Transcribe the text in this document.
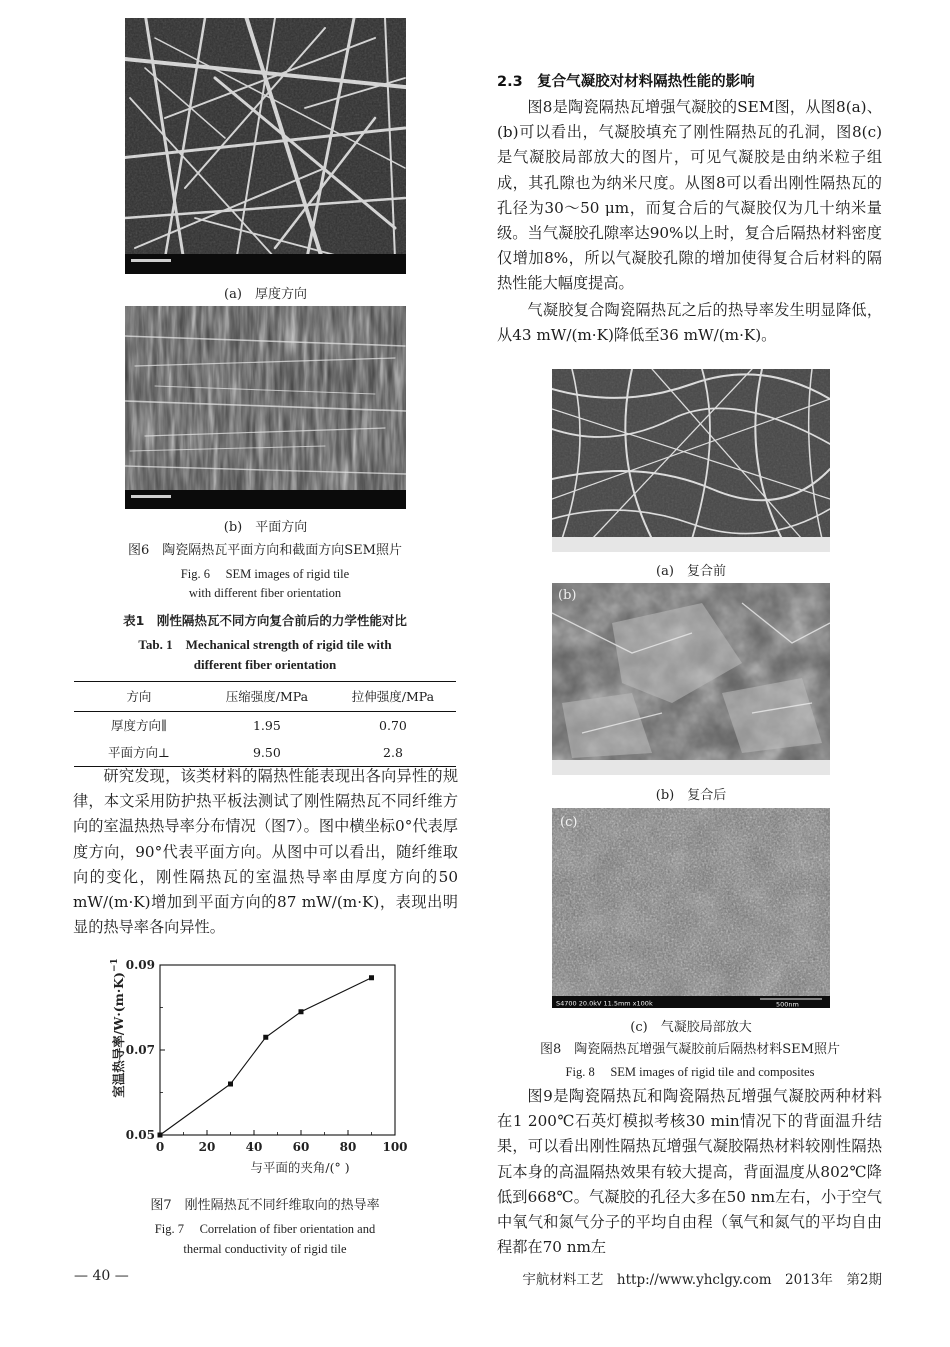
(a)　厚度方向
(b)　平面方向
图6　陶瓷隔热瓦平面方向和截面方向SEM照片
Fig. 6　 SEM images of rigid tile
with different fiber orientation
表1　刚性隔热瓦不同方向复合前后的力学性能对比
Tab. 1　Mechanical strength of rigid tile with
different fiber orientation
方向	压缩强度/MPa	拉伸强度/MPa
厚度方向∥	1.95	0.70
平面方向⊥	9.50	2.8

研究发现，该类材料的隔热性能表现出各向异性的规律，本文采用防护热平板法测试了刚性隔热瓦不同纤维方向的室温热热导率分布情况（图7）。图中横坐标0°代表厚度方向，90°代表平面方向。从图中可以看出，随纤维取向的变化，刚性隔热瓦的室温热导率由厚度方向的50 mW/(m·K)增加到平面方向的87 mW/(m·K)，表现出明显的热导率各向异性。

室温热导率$/W\cdot(m\cdot K)^{-1}$
与平面的夹角/(° )
0	20	40	60	80 100
0.05
0.07
0.09
图7　刚性隔热瓦不同纤维取向的热导率
Fig. 7　 Correlation of fiber orientation and
thermal conductivity of rigid tile
2.3　复合气凝胶对材料隔热性能的影响

图8是陶瓷隔热瓦增强气凝胶的SEM图，从图8(a)、(b)可以看出，气凝胶填充了刚性隔热瓦的孔洞，图8(c)是气凝胶局部放大的图片，可见气凝胶是由纳米粒子组成，其孔隙也为纳米尺度。从图8可以看出刚性隔热瓦的孔径为30～50 μm，而复合后的气凝胶仅为几十纳米量级。当气凝胶孔隙率达90%以上时，复合后隔热材料密度仅增加8%，所以气凝胶孔隙的增加使得复合后材料的隔热性能大幅度提高。

气凝胶复合陶瓷隔热瓦之后的热导率发生明显降低，从43 mW/(m·K)降低至36 mW/(m·K)。

(a)　复合前
(b)
(b)　复合后
(c)
S4700 20.0kV 11.5mm x100k	500nm
(c)　气凝胶局部放大
图8　陶瓷隔热瓦增强气凝胶前后隔热材料SEM照片
Fig. 8　 SEM images of rigid tile and composites

图9是陶瓷隔热瓦和陶瓷隔热瓦增强气凝胶两种材料在1 200℃石英灯模拟考核30 min情况下的背面温升结果，可以看出刚性隔热瓦增强气凝胶隔热材料较刚性隔热瓦本身的高温隔热效果有较大提高，背面温度从802℃降低到668℃。气凝胶的孔径大多在50 nm左右，小于空气中氧气和氮气分子的平均自由程（氧气和氮气的平均自由程都在70 nm左

— 40 —	宇航材料工艺　http://www.yhclgy.com　2013年　第2期
